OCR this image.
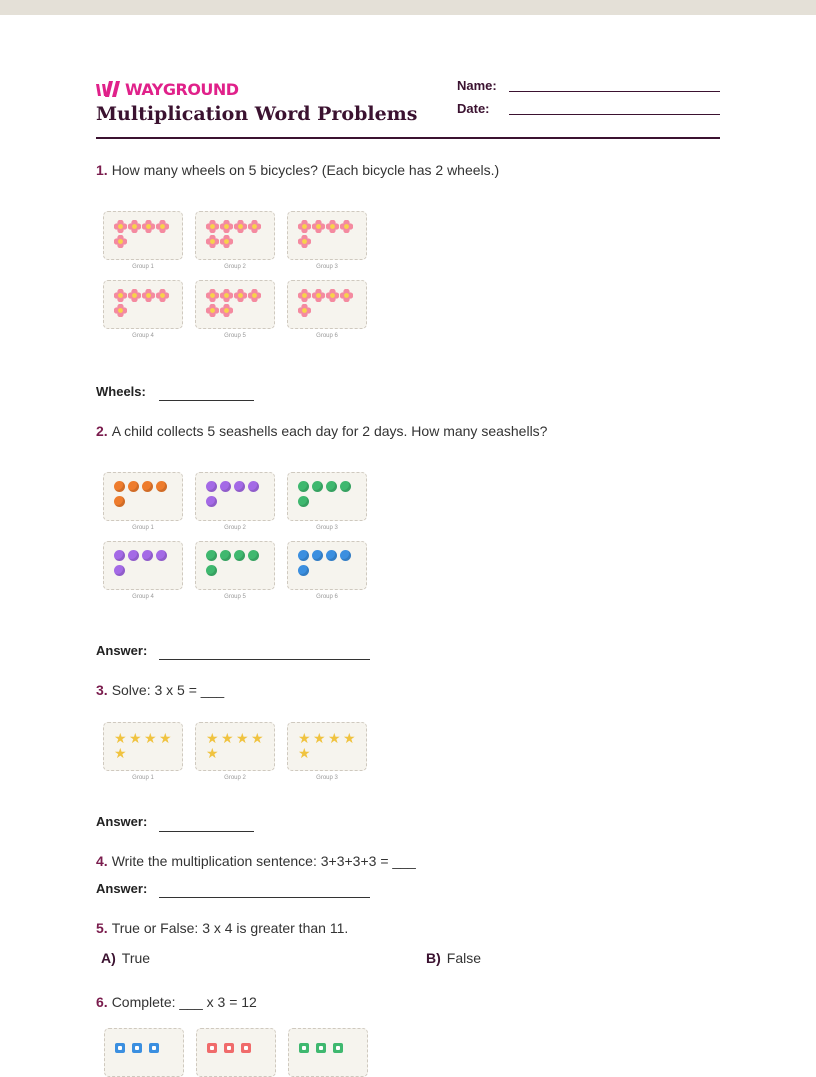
WAYGROUND
Multiplication Word Problems
Name:
Date:
1. How many wheels on 5 bicycles? (Each bicycle has 2 wheels.)
Wheels:
2. A child collects 5 seashells each day for 2 days. How many seashells?
Answer:
3. Solve: 3 x 5 = ___
Answer:
4. Write the multiplication sentence: 3+3+3+3 = ___
Answer:
5. True or False: 3 x 4 is greater than 11.
A) True	B) False
6. Complete: ___ x 3 = 12
Group 1	Group 2	Group 3
Group 4	Group 5	Group 6
Group 1	Group 2	Group 3
Group 4	Group 5	Group 6
★ ★ ★ ★
★
Group 1
★ ★ ★ ★
★
Group 2
★ ★ ★ ★
★
Group 3
